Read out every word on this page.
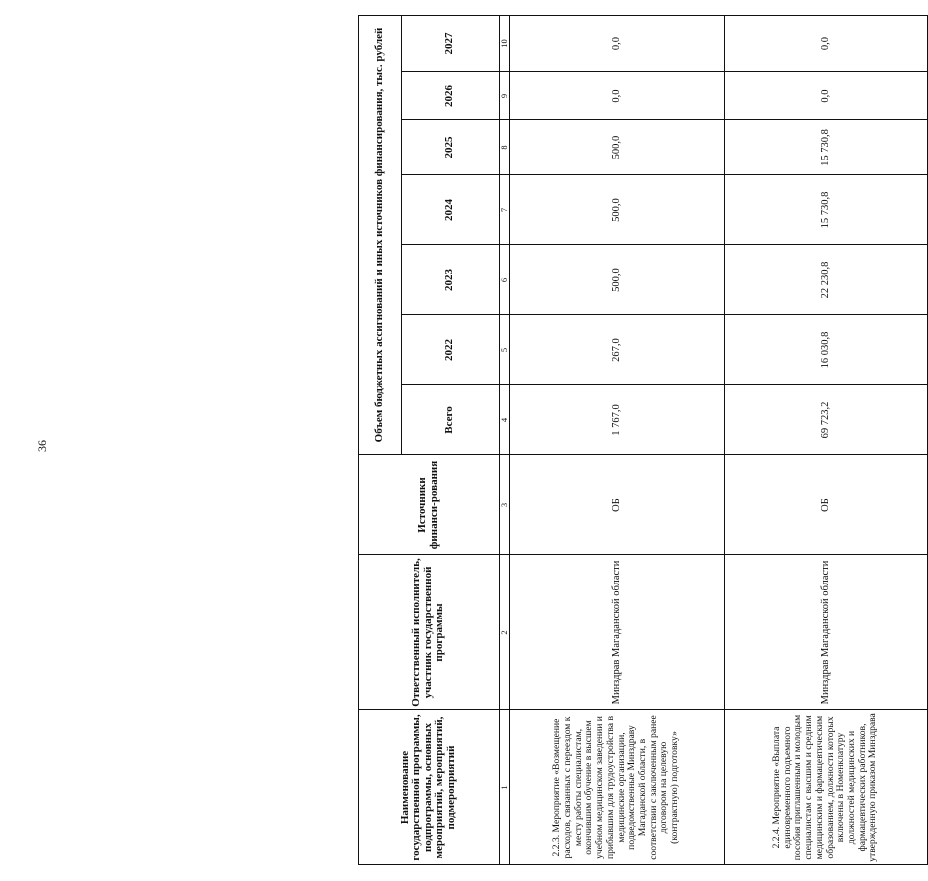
36
Наименование государственной программы, подпрограммы, основных мероприятий, мероприятий, подмероприятий
Ответственный исполнитель, участник государственной программы
Источники финанси-рования
Объем бюджетных ассигнований и иных источников финансирования, тыс. рублей	Всего
2022
2023
2024
2025
2026
2027
1
2
3
4
5
6
7
8
9
10
2.2.3. Мероприятие «Возмещение расходов, связанных с переездом к месту работы специалистам, окончившим обучение в высшем учебном медицинском заведении и прибывшим для трудоустройства в медицинские организации, подведомственные Минздраву Магаданской области, в соответствии с заключенным ранее договором на целевую (контрактную) подготовку»
Минздрав Магаданской области
ОБ
1 767,0
267,0
500,0
500,0
500,0
0,0
0,0
2.2.4. Мероприятие «Выплата единовременного подъемного пособия приглашенным и молодым специалистам с высшим и средним медицинским и фармацевтическим образованием, должности которых включены в Номенклатуру должностей медицинских и фармацевтических работников, утвержденную приказом Минздрава
Минздрав Магаданской области
ОБ
69 723,2
16 030,8
22 230,8
15 730,8
15 730,8
0,0
0,0
